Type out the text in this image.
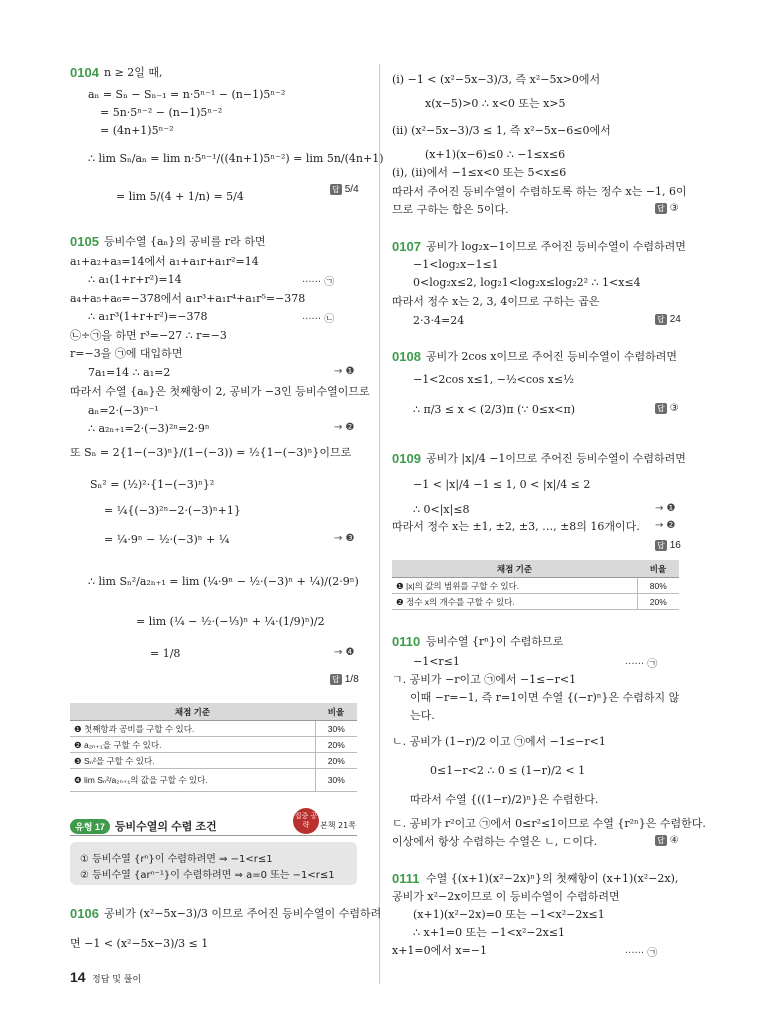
0104 n ≥ 2일 때,
aₙ = Sₙ − Sₙ₋₁ = n·5ⁿ⁻¹ − (n−1)5ⁿ⁻²
= 5n·5ⁿ⁻² − (n−1)5ⁿ⁻²
= (4n+1)5ⁿ⁻²
∴ lim Sₙ/aₙ = lim n·5ⁿ⁻¹/((4n+1)5ⁿ⁻²) = lim 5n/(4n+1)
= lim 5/(4 + 1/n) = 5/4
답 5/4
0105 등비수열 {aₙ}의 공비를 r라 하면
a₁+a₂+a₃=14에서 a₁+a₁r+a₁r²=14
∴ a₁(1+r+r²)=14	······ ㉠
a₄+a₅+a₆=−378에서 a₁r³+a₁r⁴+a₁r⁵=−378
∴ a₁r³(1+r+r²)=−378	······ ㉡
㉡÷㉠을 하면 r³=−27 ∴ r=−3
r=−3을 ㉠에 대입하면
7a₁=14 ∴ a₁=2	→ ❶
따라서 수열 {aₙ}은 첫째항이 2, 공비가 −3인 등비수열이므로
aₙ=2·(−3)ⁿ⁻¹
∴ a₂ₙ₊₁=2·(−3)²ⁿ=2·9ⁿ	→ ❷
또 Sₙ = 2{1−(−3)ⁿ}/(1−(−3)) = ½{1−(−3)ⁿ}이므로
Sₙ² = (½)²·{1−(−3)ⁿ}²
= ¼{(−3)²ⁿ−2·(−3)ⁿ+1}
= ¼·9ⁿ − ½·(−3)ⁿ + ¼	→ ❸
∴ lim Sₙ²/a₂ₙ₊₁ = lim (¼·9ⁿ − ½·(−3)ⁿ + ¼)/(2·9ⁿ)
= lim (¼ − ½·(−⅓)ⁿ + ¼·(1/9)ⁿ)/2
= 1/8	→ ❹
답 1/8
채점 기준	비율
❶ 첫째항과 공비를 구할 수 있다.	30%
❷ a₂ₙ₊₁을 구할 수 있다.	20%
❸ Sₙ²을 구할 수 있다.	20%
❹ lim Sₙ²/a₂ₙ₊₁의 값을 구할 수 있다.	30%
유형 17 등비수열의 수렴 조건
집중 공략	본책 21쪽
① 등비수열 {rⁿ}이 수렴하려면 ⇒ −1<r≤1
② 등비수열 {arⁿ⁻¹}이 수렴하려면 ⇒ a=0 또는 −1<r≤1
0106 공비가 (x²−5x−3)/3 이므로 주어진 등비수열이 수렴하려
면 −1 < (x²−5x−3)/3 ≤ 1
14 정답 및 풀이
(i) −1 < (x²−5x−3)/3, 즉 x²−5x>0에서
x(x−5)>0 ∴ x<0 또는 x>5
(ii) (x²−5x−3)/3 ≤ 1, 즉 x²−5x−6≤0에서
(x+1)(x−6)≤0 ∴ −1≤x≤6
(i), (ii)에서 −1≤x<0 또는 5<x≤6
따라서 주어진 등비수열이 수렴하도록 하는 정수 x는 −1, 6이
므로 구하는 합은 5이다.	답 ③
0107 공비가 log₂x−1이므로 주어진 등비수열이 수렴하려면
−1<log₂x−1≤1
0<log₂x≤2, log₂1<log₂x≤log₂2² ∴ 1<x≤4
따라서 정수 x는 2, 3, 4이므로 구하는 곱은
2·3·4=24	답 24
0108 공비가 2cos x이므로 주어진 등비수열이 수렴하려면
−1<2cos x≤1, −½<cos x≤½
∴ π/3 ≤ x < (2/3)π (∵ 0≤x<π)	답 ③
0109 공비가 |x|/4 −1이므로 주어진 등비수열이 수렴하려면
−1 < |x|/4 −1 ≤ 1, 0 < |x|/4 ≤ 2
∴ 0<|x|≤8	→ ❶
따라서 정수 x는 ±1, ±2, ±3, …, ±8의 16개이다. → ❷
답 16
채점 기준	비율
❶ |x|의 값의 범위를 구할 수 있다.	80%
❷ 정수 x의 개수를 구할 수 있다.	20%
0110 등비수열 {rⁿ}이 수렴하므로
−1<r≤1	······ ㉠
ㄱ. 공비가 −r이고 ㉠에서 −1≤−r<1
이때 −r=−1, 즉 r=1이면 수열 {(−r)ⁿ}은 수렴하지 않
는다.
ㄴ. 공비가 (1−r)/2 이고 ㉠에서 −1≤−r<1
0≤1−r<2 ∴ 0 ≤ (1−r)/2 < 1
따라서 수열 {((1−r)/2)ⁿ}은 수렴한다.
ㄷ. 공비가 r²이고 ㉠에서 0≤r²≤1이므로 수열 {r²ⁿ}은 수렴한다.
이상에서 항상 수렴하는 수열은 ㄴ, ㄷ이다.	답 ④
0111 수열 {(x+1)(x²−2x)ⁿ}의 첫째항이 (x+1)(x²−2x),
공비가 x²−2x이므로 이 등비수열이 수렴하려면
(x+1)(x²−2x)=0 또는 −1<x²−2x≤1
∴ x+1=0 또는 −1<x²−2x≤1
x+1=0에서 x=−1	······ ㉠
